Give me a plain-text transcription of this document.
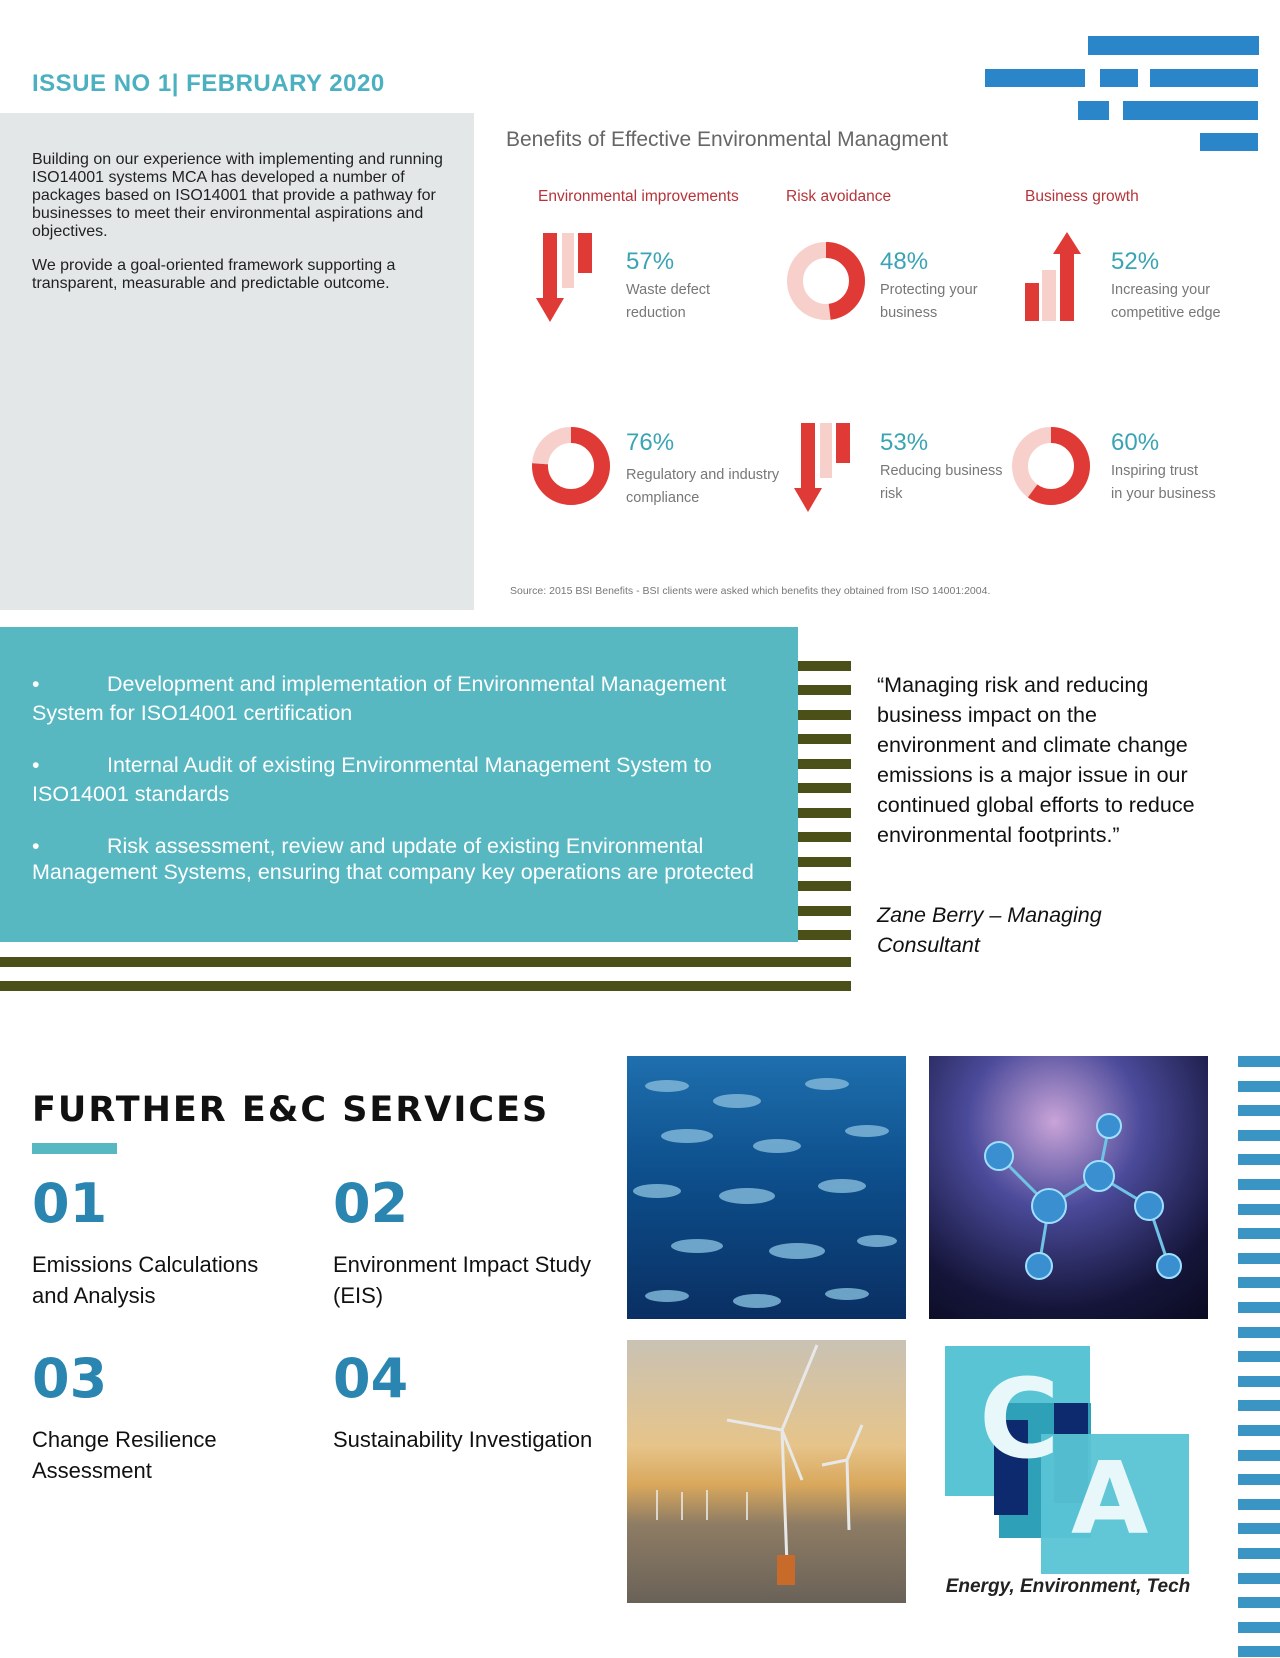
ISSUE NO 1| FEBRUARY 2020

Building on our experience with implementing and running ISO14001 systems MCA has developed a number of packages based on ISO14001 that provide a pathway for businesses to meet their environmental aspirations and objectives.

We provide a goal-oriented framework supporting a transparent, measurable and predictable outcome.

Benefits of Effective Environmental Managment
Environmental improvements	Risk avoidance	Business growth
57%
Waste defect
reduction
48%
Protecting your
business
52%
Increasing your
competitive edge
76%
Regulatory and industry
compliance
53%
Reducing business
risk
60%
Inspiring trust
in your business
Source: 2015 BSI Benefits - BSI clients were asked which benefits they obtained from ISO 14001:2004.
•	Development and implementation of Environmental Management System for ISO14001 certification
•	Internal Audit of existing Environmental Management System to ISO14001 standards
•	Risk assessment, review and update of existing Environmental Management Systems, ensuring that company key operations are protected
“Managing risk and reducing business impact on the environment and climate change emissions is a major issue in our continued global efforts to reduce environmental footprints.”
Zane Berry – Managing Consultant
FURTHER E&C SERVICES
01
Emissions Calculations and Analysis
02
Environment Impact Study (EIS)
03
Change Resilience Assessment
04
Sustainability Investigation	C
A
Energy, Environment, Tech
